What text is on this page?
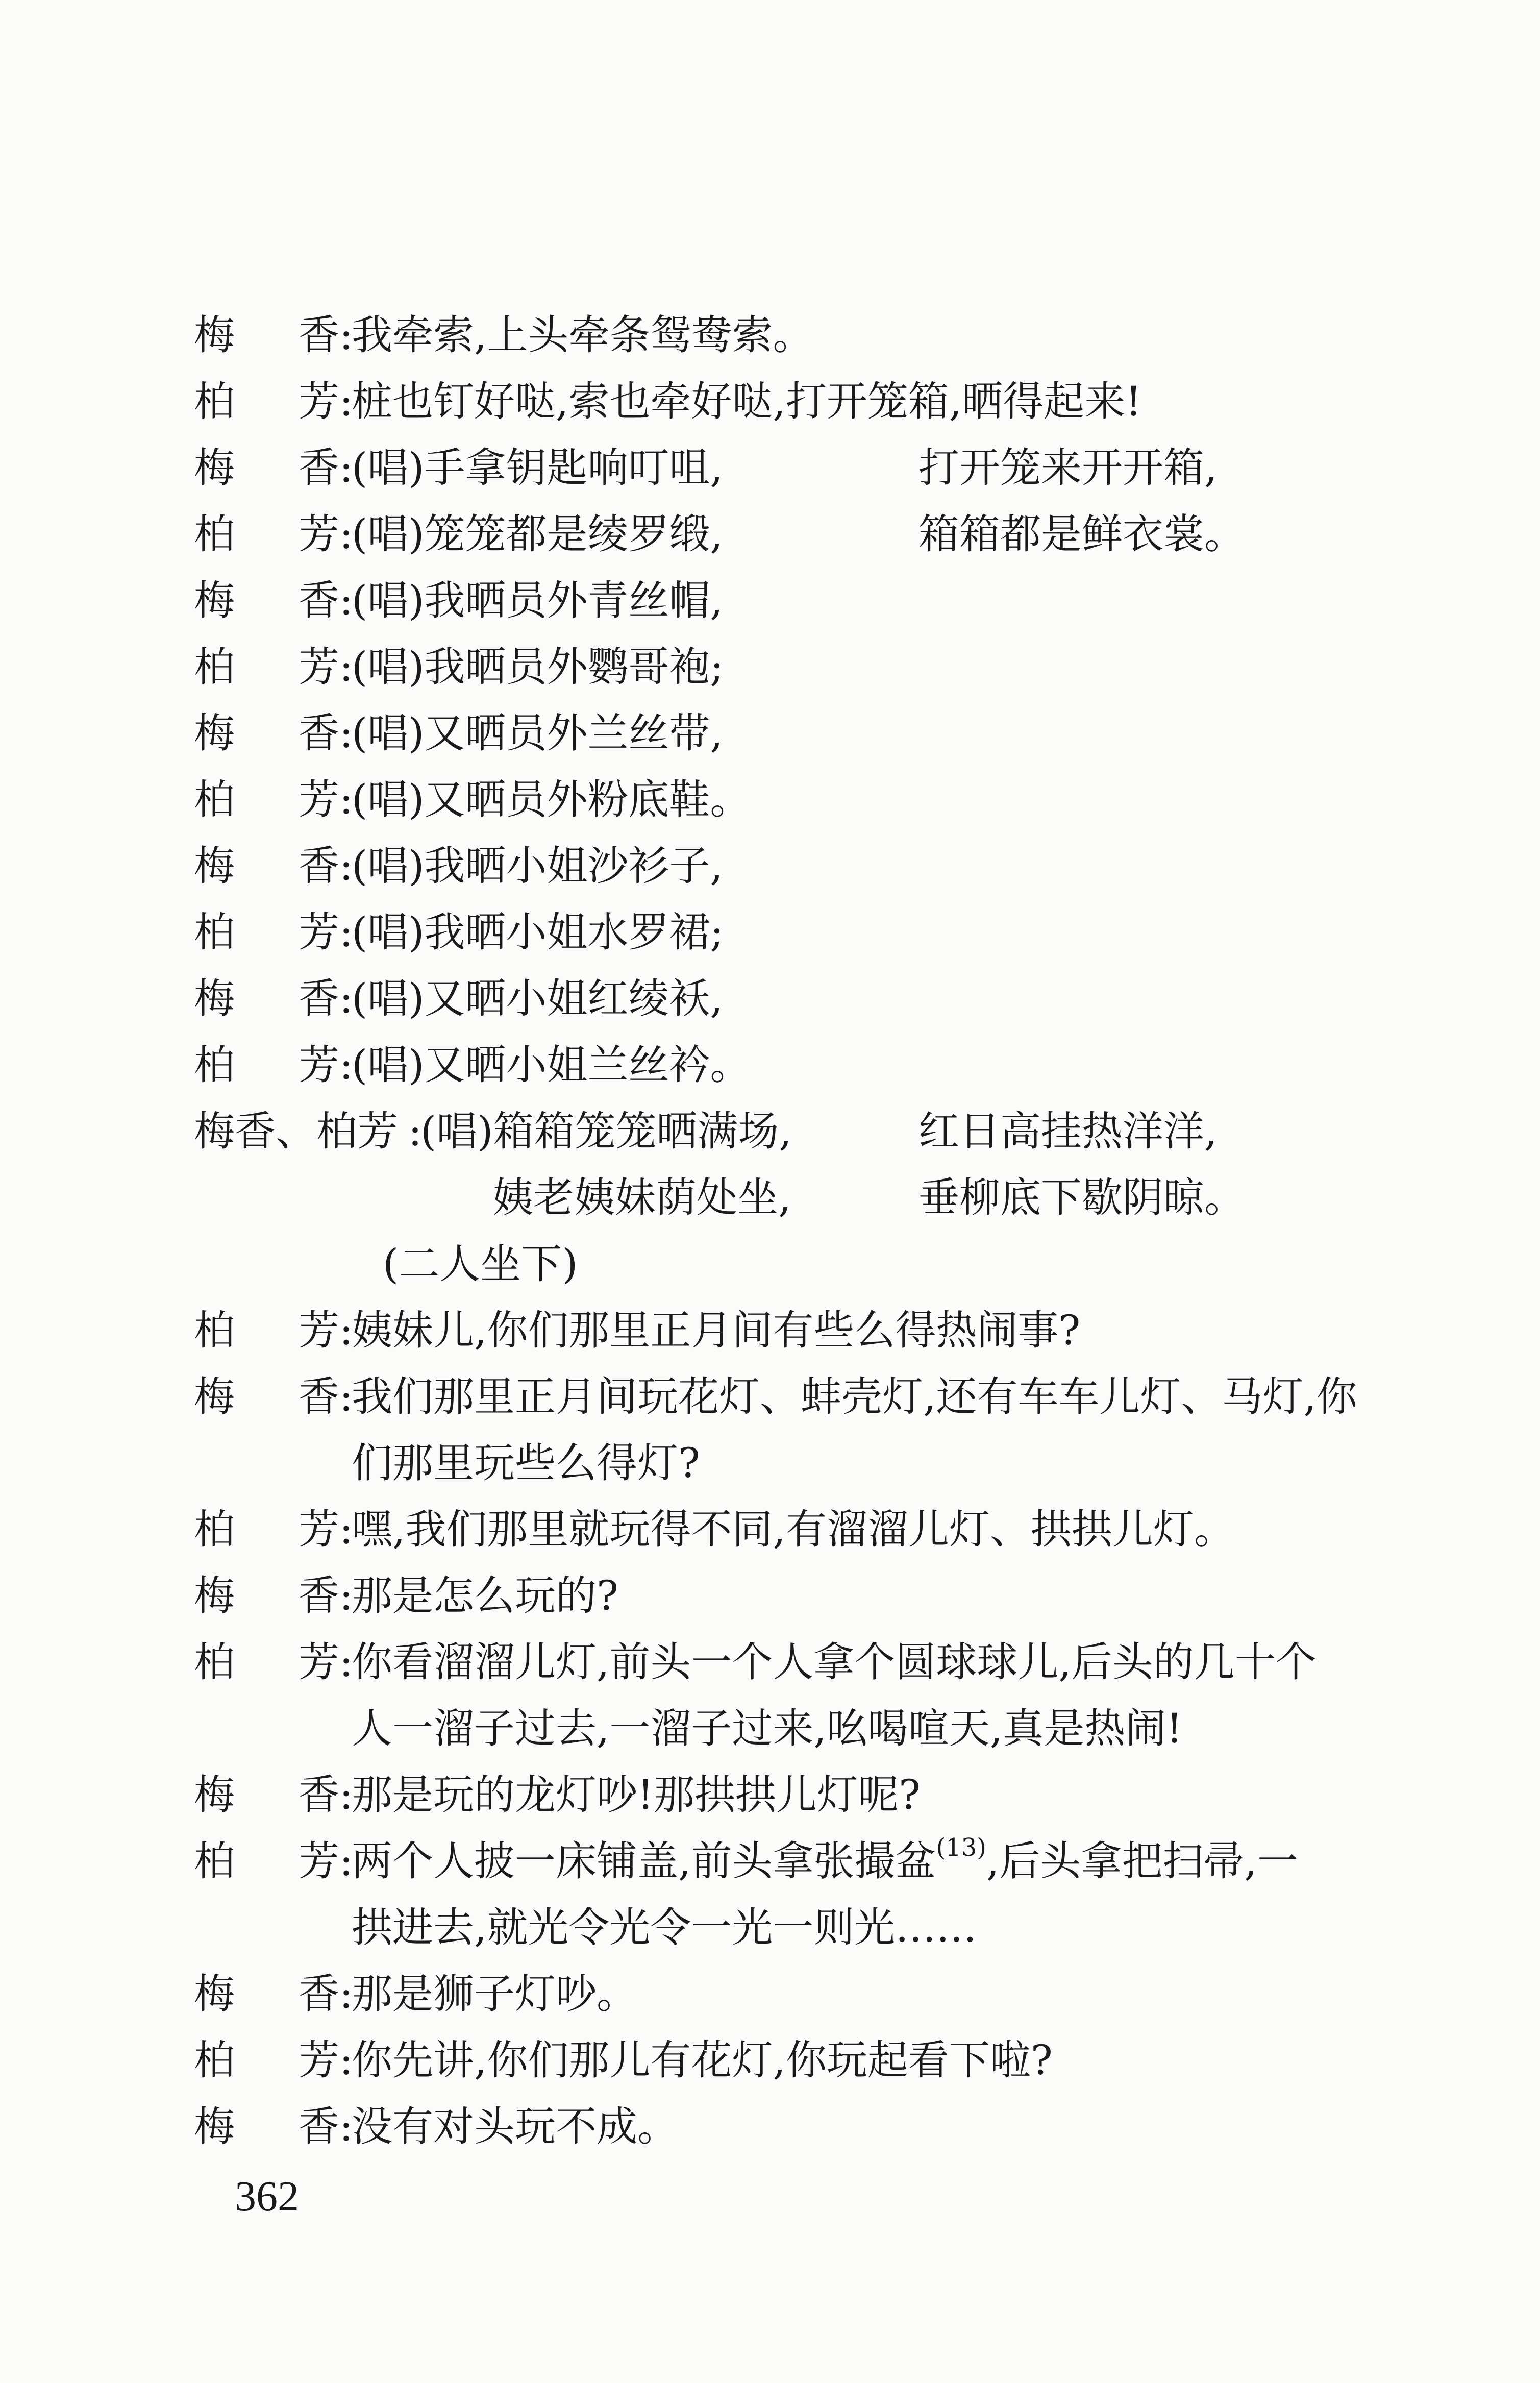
梅 香 :
我牵索,上头牵条鸳鸯索。
柏 芳 :
桩也钉好哒,索也牵好哒,打开笼箱,晒得起来!
梅 香 :
(唱)手拿钥匙响叮咀,	打开笼来开开箱,
柏 芳 :
(唱)笼笼都是绫罗缎,	箱箱都是鲜衣裳。
梅 香 :
(唱)我晒员外青丝帽,
柏 芳 :
(唱)我晒员外鹦哥袍;
梅 香 :
(唱)又晒员外兰丝带,
柏 芳 :
(唱)又晒员外粉底鞋。
梅 香 :
(唱)我晒小姐沙衫子,
柏 芳 :
(唱)我晒小姐水罗裙;
梅 香 :
(唱)又晒小姐红绫袄,
柏 芳 :
(唱)又晒小姐兰丝衿。
梅香、柏芳 :
(唱)箱箱笼笼晒满场,	红日高挂热洋洋,
姨老姨妹荫处坐,	垂柳底下歇阴晾。
(二人坐下)
柏 芳 :
姨妹儿,你们那里正月间有些么得热闹事?
梅 香 :
我们那里正月间玩花灯、蚌壳灯,还有车车儿灯、马灯,你
们那里玩些么得灯?
柏 芳 :
嘿,我们那里就玩得不同,有溜溜儿灯、拱拱儿灯。
梅 香 :
那是怎么玩的?
柏 芳 :
你看溜溜儿灯,前头一个人拿个圆球球儿,后头的几十个
人一溜子过去,一溜子过来,吆喝喧天,真是热闹!
梅 香 :
那是玩的龙灯吵!那拱拱儿灯呢?
柏 芳 :
两个人披一床铺盖,前头拿张撮盆$^{(13)}$,后头拿把扫帚,一
拱进去,就光令光令一光一则光……
梅 香 :
那是狮子灯吵。
柏 芳 :
你先讲,你们那儿有花灯,你玩起看下啦?
梅 香 :
没有对头玩不成。
362
